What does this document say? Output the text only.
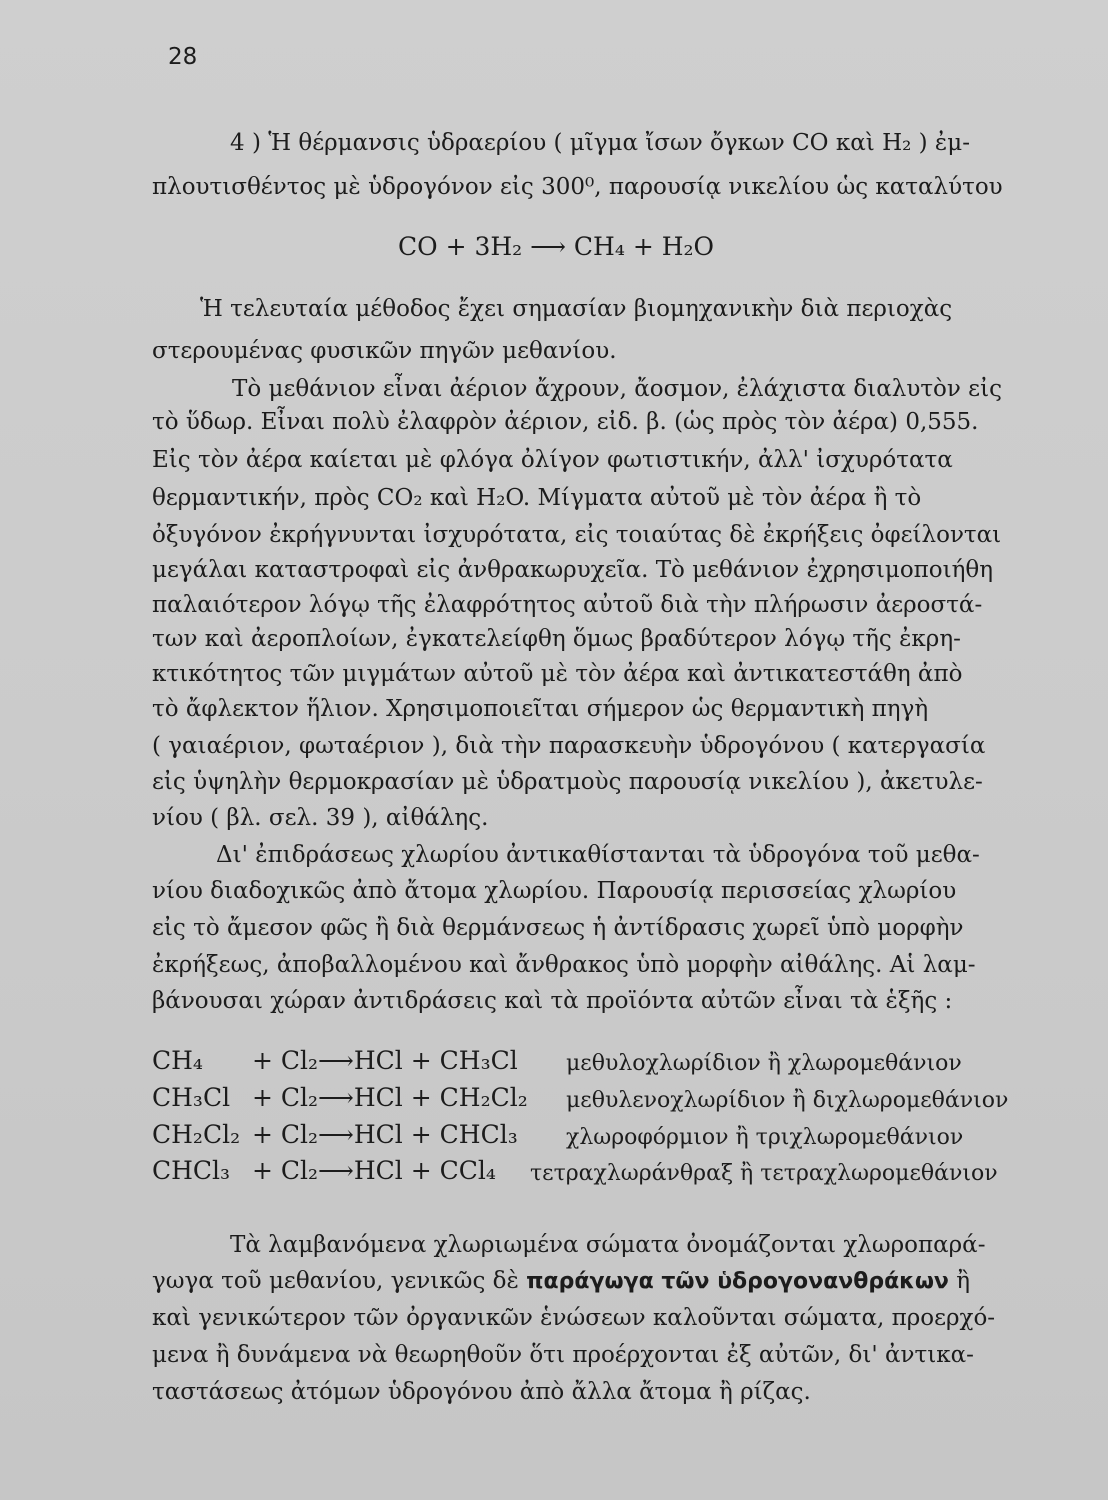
28
4 ) Ἡ θέρμανσις ὑδραερίου ( μῖγμα ἴσων ὄγκων CO καὶ H₂ ) ἐμ-
πλουτισθέντος μὲ ὑδρογόνον εἰς 300⁰, παρουσίᾳ νικελίου ὡς καταλύτου
CO + 3H₂ ⟶ CH₄ + H₂O
Ἡ τελευταία μέθοδος ἔχει σημασίαν βιομηχανικὴν διὰ περιοχὰς
στερουμένας φυσικῶν πηγῶν μεθανίου.
Τὸ μεθάνιον εἶναι ἀέριον ἄχρουν, ἄοσμον, ἐλάχιστα διαλυτὸν εἰς
τὸ ὕδωρ. Εἶναι πολὺ ἐλαφρὸν ἀέριον, εἰδ. β. (ὡς πρὸς τὸν ἀέρα) 0,555.
Εἰς τὸν ἀέρα καίεται μὲ φλόγα ὀλίγον φωτιστικήν, ἀλλ' ἰσχυρότατα
θερμαντικήν, πρὸς CO₂ καὶ H₂O. Μίγματα αὐτοῦ μὲ τὸν ἀέρα ἢ τὸ
ὀξυγόνον ἐκρήγνυνται ἰσχυρότατα, εἰς τοιαύτας δὲ ἐκρήξεις ὀφείλονται
μεγάλαι καταστροφαὶ εἰς ἀνθρακωρυχεῖα. Τὸ μεθάνιον ἐχρησιμοποιήθη
παλαιότερον λόγῳ τῆς ἐλαφρότητος αὐτοῦ διὰ τὴν πλήρωσιν ἀεροστά-
των καὶ ἀεροπλοίων, ἐγκατελείφθη ὅμως βραδύτερον λόγῳ τῆς ἐκρη-
κτικότητος τῶν μιγμάτων αὐτοῦ μὲ τὸν ἀέρα καὶ ἀντικατεστάθη ἀπὸ
τὸ ἄφλεκτον ἥλιον. Χρησιμοποιεῖται σήμερον ὡς θερμαντικὴ πηγὴ
( γαιαέριον, φωταέριον ), διὰ τὴν παρασκευὴν ὑδρογόνου ( κατεργασία
εἰς ὑψηλὴν θερμοκρασίαν μὲ ὑδρατμοὺς παρουσίᾳ νικελίου ), ἀκετυλε-
νίου ( βλ. σελ. 39 ), αἰθάλης.
Δι' ἐπιδράσεως χλωρίου ἀντικαθίστανται τὰ ὑδρογόνα τοῦ μεθα-
νίου διαδοχικῶς ἀπὸ ἄτομα χλωρίου. Παρουσίᾳ περισσείας χλωρίου
εἰς τὸ ἄμεσον φῶς ἢ διὰ θερμάνσεως ἡ ἀντίδρασις χωρεῖ ὑπὸ μορφὴν
ἐκρήξεως, ἀποβαλλομένου καὶ ἄνθρακος ὑπὸ μορφὴν αἰθάλης. Αἱ λαμ-
βάνουσαι χώραν ἀντιδράσεις καὶ τὰ προϊόντα αὐτῶν εἶναι τὰ ἑξῆς :
CH₄ + Cl₂⟶HCl + CH₃Cl μεθυλοχλωρίδιον ἢ χλωρομεθάνιον
CH₃Cl + Cl₂⟶HCl + CH₂Cl₂ μεθυλενοχλωρίδιον ἢ διχλωρομεθάνιον
CH₂Cl₂ + Cl₂⟶HCl + CHCl₃ χλωροφόρμιον ἢ τριχλωρομεθάνιον
CHCl₃ + Cl₂⟶HCl + CCl₄ τετραχλωράνθραξ ἢ τετραχλωρομεθάνιον
Τὰ λαμβανόμενα χλωριωμένα σώματα ὀνομάζονται χλωροπαρά-
γωγα τοῦ μεθανίου, γενικῶς δὲ παράγωγα τῶν ὑδρογονανθράκων ἢ
καὶ γενικώτερον τῶν ὀργανικῶν ἑνώσεων καλοῦνται σώματα, προερχό-
μενα ἢ δυνάμενα νὰ θεωρηθοῦν ὅτι προέρχονται ἐξ αὐτῶν, δι' ἀντικα-
ταστάσεως ἀτόμων ὑδρογόνου ἀπὸ ἄλλα ἄτομα ἢ ρίζας.
